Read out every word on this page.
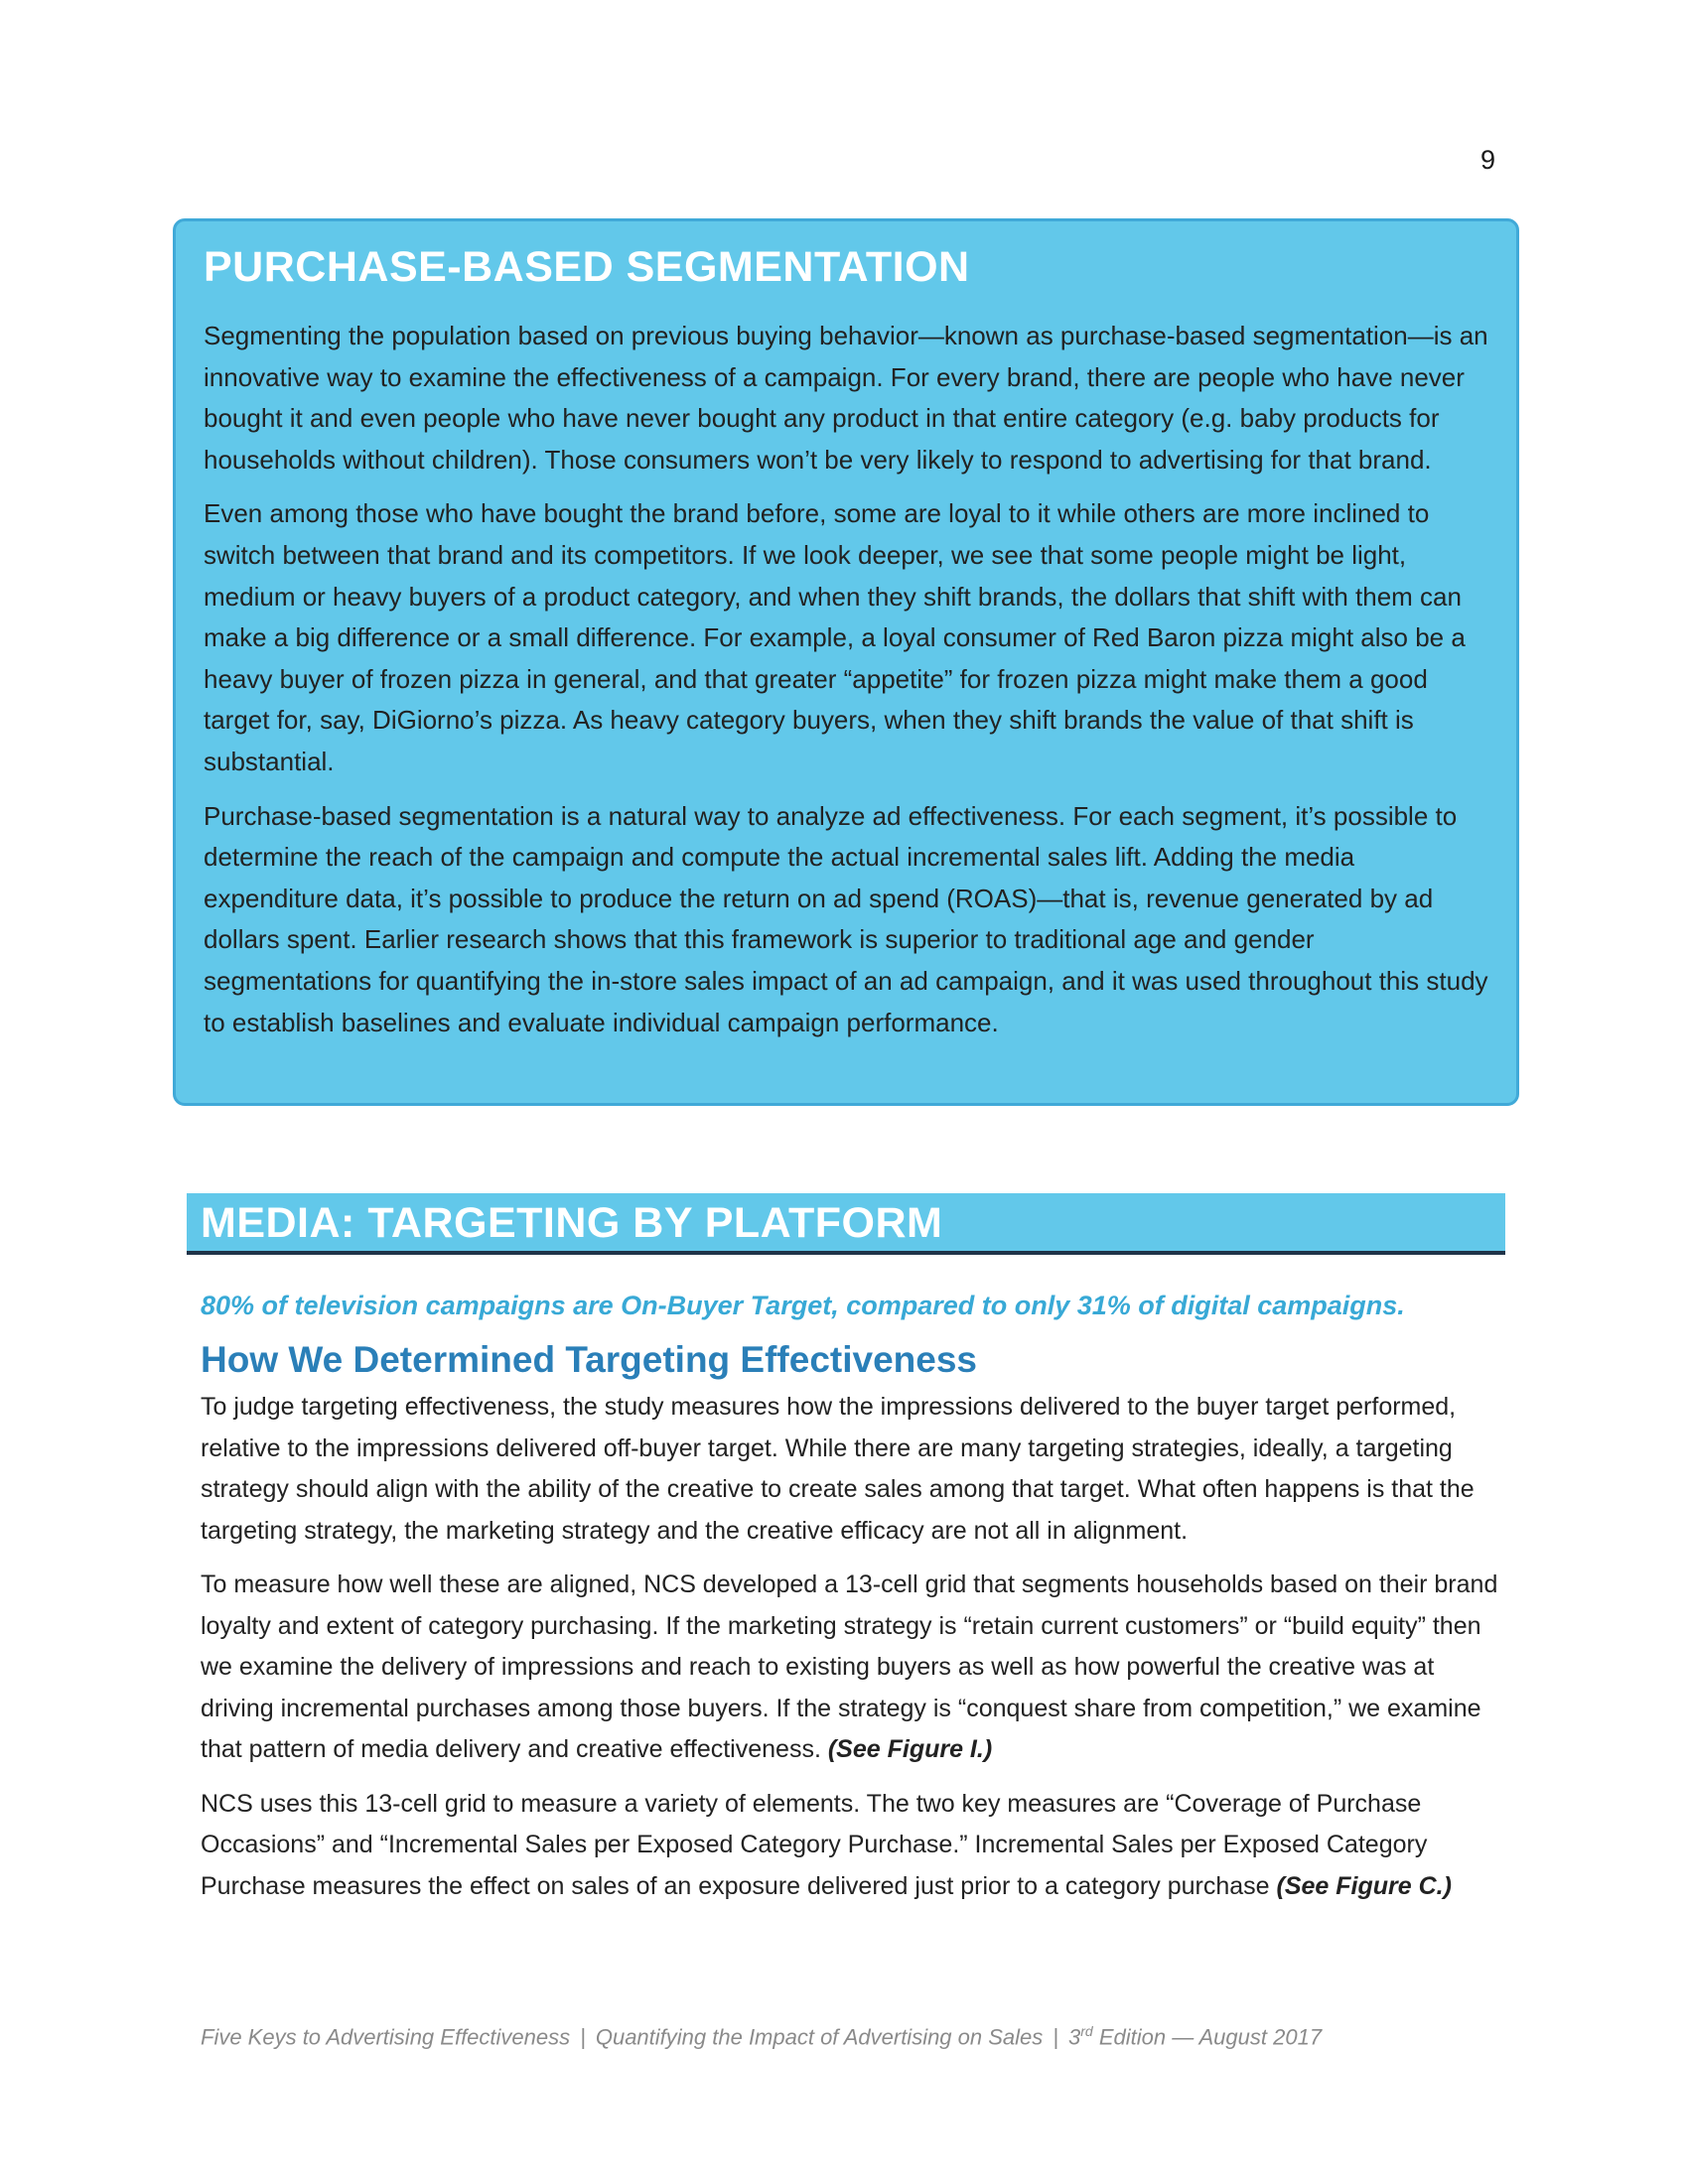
9
PURCHASE-BASED SEGMENTATION

Segmenting the population based on previous buying behavior—known as purchase-based segmentation—is an innovative way to examine the effectiveness of a campaign. For every brand, there are people who have never bought it and even people who have never bought any product in that entire category (e.g. baby products for households without children). Those consumers won’t be very likely to respond to advertising for that brand.

Even among those who have bought the brand before, some are loyal to it while others are more inclined to switch between that brand and its competitors. If we look deeper, we see that some people might be light, medium or heavy buyers of a product category, and when they shift brands, the dollars that shift with them can make a big difference or a small difference. For example, a loyal consumer of Red Baron pizza might also be a heavy buyer of frozen pizza in general, and that greater “appetite” for frozen pizza might make them a good target for, say, DiGiorno’s pizza. As heavy category buyers, when they shift brands the value of that shift is substantial.

Purchase-based segmentation is a natural way to analyze ad effectiveness. For each segment, it’s possible to determine the reach of the campaign and compute the actual incremental sales lift. Adding the media expenditure data, it’s possible to produce the return on ad spend (ROAS)—that is, revenue generated by ad dollars spent. Earlier research shows that this framework is superior to traditional age and gender segmentations for quantifying the in-store sales impact of an ad campaign, and it was used throughout this study to establish baselines and evaluate individual campaign performance.

MEDIA: TARGETING BY PLATFORM

80% of television campaigns are On-Buyer Target, compared to only 31% of digital campaigns.

How We Determined Targeting Effectiveness

To judge targeting effectiveness, the study measures how the impressions delivered to the buyer target performed, relative to the impressions delivered off-buyer target. While there are many targeting strategies, ideally, a targeting strategy should align with the ability of the creative to create sales among that target. What often happens is that the targeting strategy, the marketing strategy and the creative efficacy are not all in alignment.

To measure how well these are aligned, NCS developed a 13-cell grid that segments households based on their brand loyalty and extent of category purchasing. If the marketing strategy is “retain current customers” or “build equity” then we examine the delivery of impressions and reach to existing buyers as well as how powerful the creative was at driving incremental purchases among those buyers. If the strategy is “conquest share from competition,” we examine that pattern of media delivery and creative effectiveness. (See Figure I.)

NCS uses this 13-cell grid to measure a variety of elements. The two key measures are “Coverage of Purchase Occasions” and “Incremental Sales per Exposed Category Purchase.” Incremental Sales per Exposed Category Purchase measures the effect on sales of an exposure delivered just prior to a category purchase (See Figure C.)

Five Keys to Advertising Effectiveness | Quantifying the Impact of Advertising on Sales | 3rd Edition — August 2017
